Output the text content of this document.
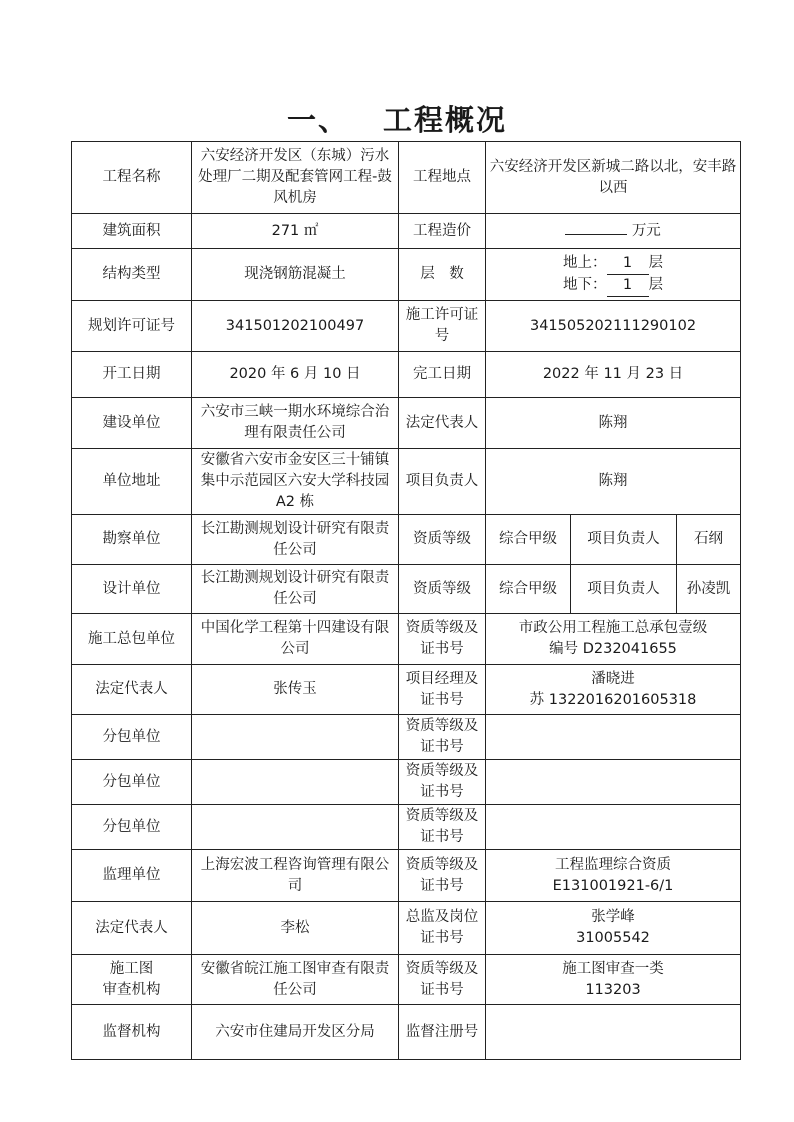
一、 工程概况
工程名称	六安经济开发区（东城）污水处理厂二期及配套管网工程-鼓风机房	工程地点	六安经济开发区新城二路以北，安丰路以西		
建筑面积	271 ㎡	工程造价	万元		
结构类型	现浇钢筋混凝土	层　数	地上： 1 层
地下： 1 层		

规划许可证号	341501202100497	施工许可证号	341505202111290102		
开工日期	2020 年 6 月 10 日	完工日期	2022 年 11 月 23 日		
建设单位	六安市三峡一期水环境综合治理有限责任公司	法定代表人	陈翔		
单位地址	安徽省六安市金安区三十铺镇集中示范园区六安大学科技园 A2 栋	项目负责人	陈翔		
勘察单位	长江勘测规划设计研究有限责任公司	资质等级	综合甲级	项目负责人	石纲
设计单位	长江勘测规划设计研究有限责任公司	资质等级	综合甲级	项目负责人	孙凌凯
施工总包单位	中国化学工程第十四建设有限公司	资质等级及证书号	市政公用工程施工总承包壹级
编号 D232041655		

法定代表人	张传玉	项目经理及证书号	潘晓进
苏 1322016201605318		

分包单位		资质等级及证书号			
分包单位		资质等级及证书号			
分包单位		资质等级及证书号			
监理单位	上海宏波工程咨询管理有限公司	资质等级及证书号	工程监理综合资质
E131001921-6/1		

法定代表人	李松	总监及岗位证书号	张学峰
31005542		

施工图
审查机构	安徽省皖江施工图审查有限责任公司	资质等级及证书号	施工图审查一类
113203		

监督机构	六安市住建局开发区分局	监督注册号			
